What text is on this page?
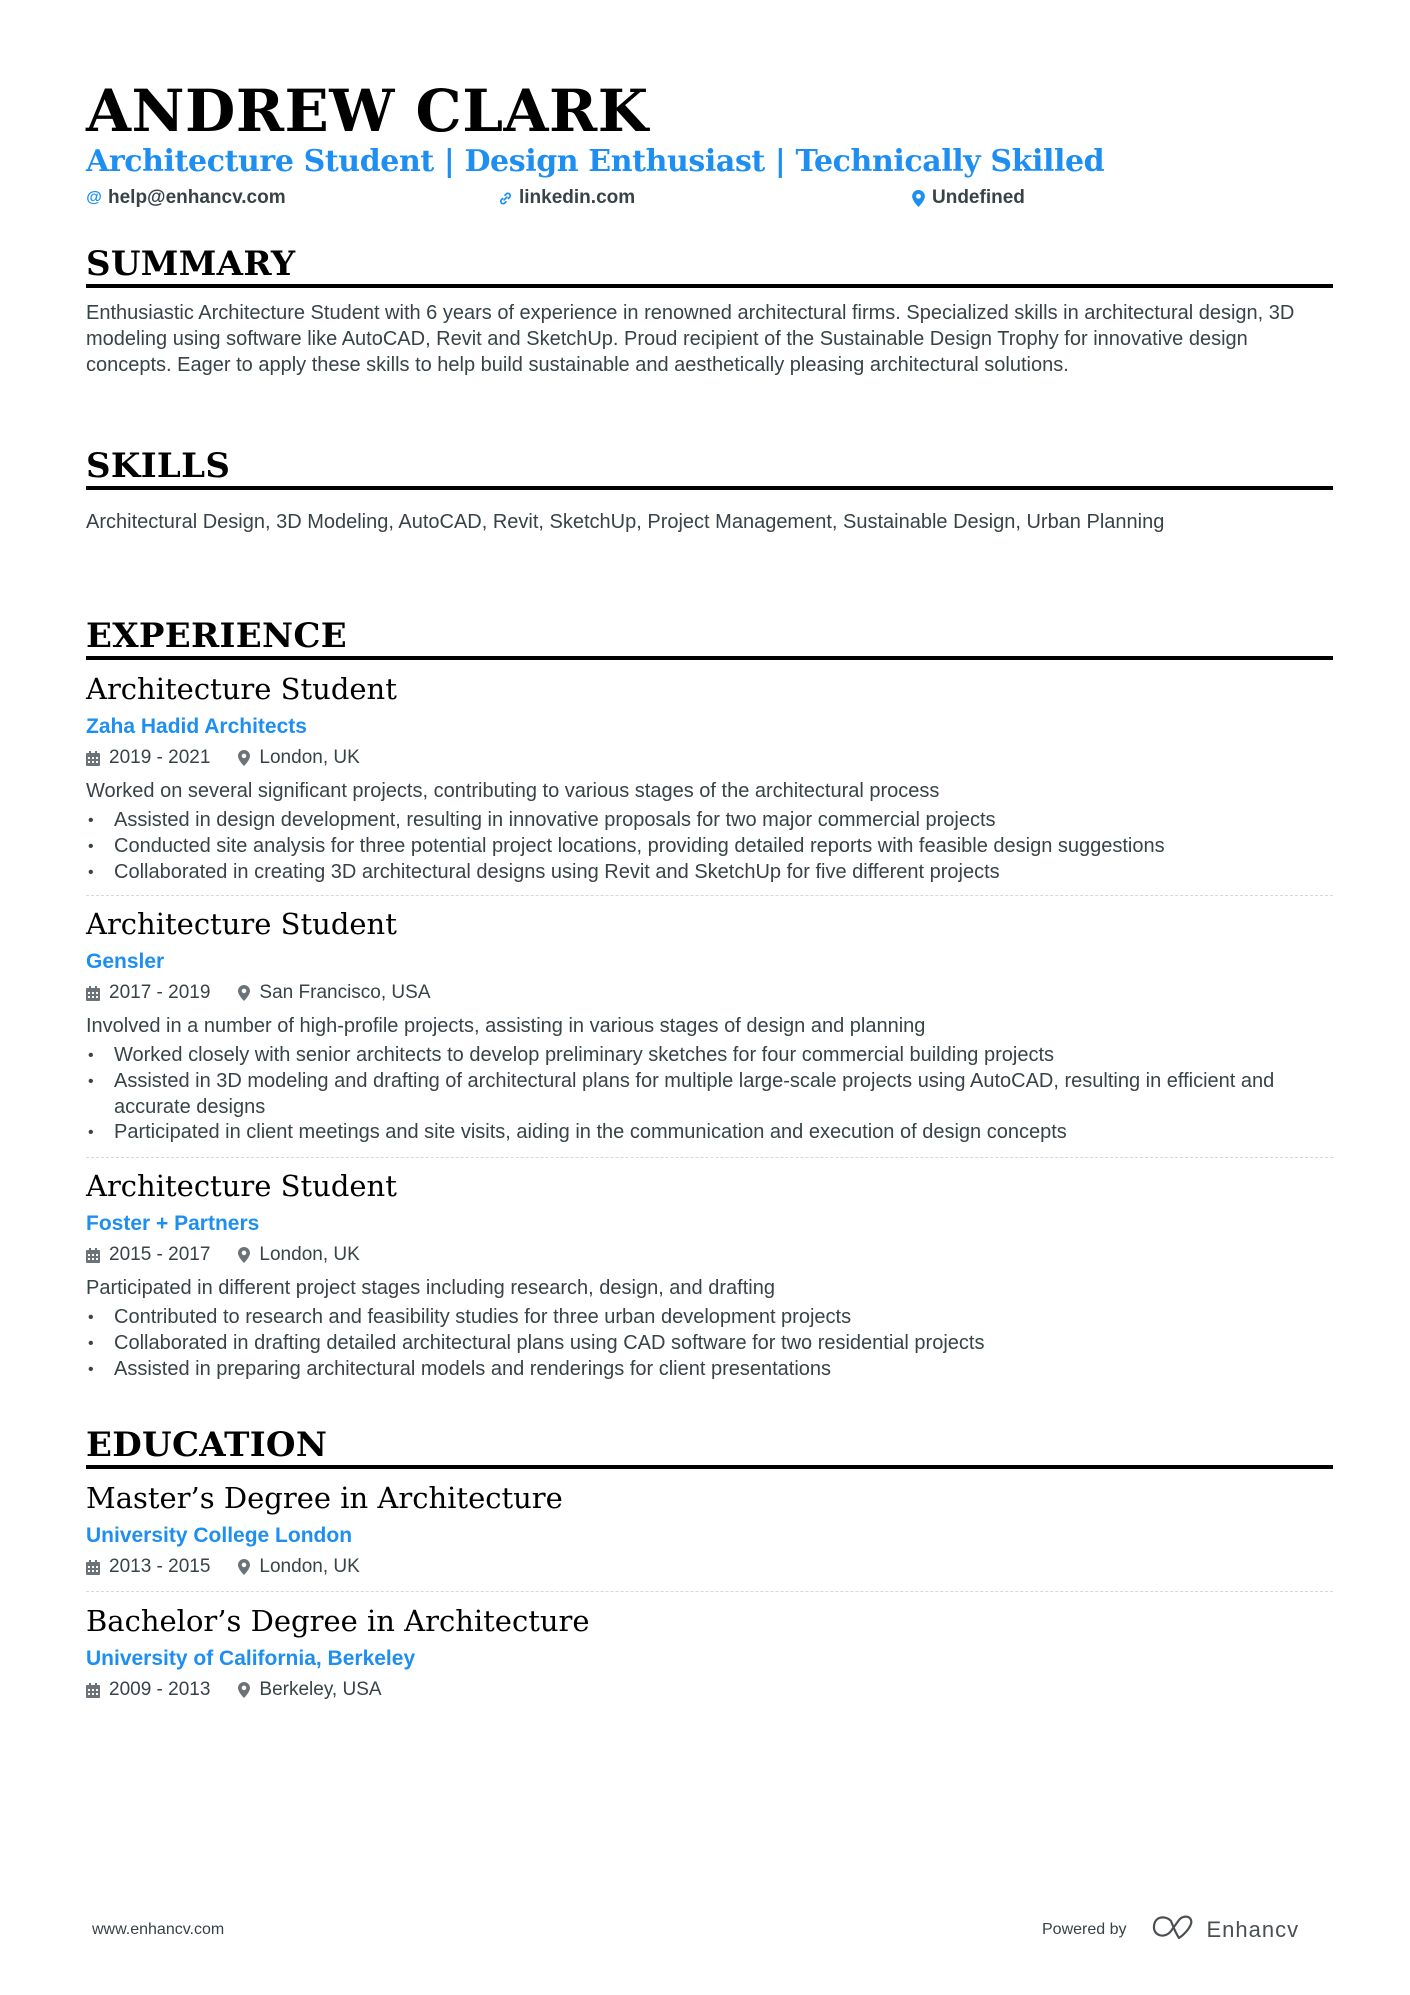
ANDREW CLARK
Architecture Student | Design Enthusiast | Technically Skilled
@ help@enhancv.com	linkedin.com	Undefined
SUMMARY
Enthusiastic Architecture Student with 6 years of experience in renowned architectural firms. Specialized skills in architectural design, 3D modeling using software like AutoCAD, Revit and SketchUp. Proud recipient of the Sustainable Design Trophy for innovative design concepts. Eager to apply these skills to help build sustainable and aesthetically pleasing architectural solutions.
SKILLS
Architectural Design, 3D Modeling, AutoCAD, Revit, SketchUp, Project Management, Sustainable Design, Urban Planning
EXPERIENCE
Architecture Student
Zaha Hadid Architects
2019 - 2021	London, UK
Worked on several significant projects, contributing to various stages of the architectural process
• Assisted in design development, resulting in innovative proposals for two major commercial projects
• Conducted site analysis for three potential project locations, providing detailed reports with feasible design suggestions
• Collaborated in creating 3D architectural designs using Revit and SketchUp for five different projects
Architecture Student
Gensler
2017 - 2019	San Francisco, USA
Involved in a number of high-profile projects, assisting in various stages of design and planning
• Worked closely with senior architects to develop preliminary sketches for four commercial building projects
• Assisted in 3D modeling and drafting of architectural plans for multiple large-scale projects using AutoCAD, resulting in efficient and accurate designs
• Participated in client meetings and site visits, aiding in the communication and execution of design concepts
Architecture Student
Foster + Partners
2015 - 2017	London, UK
Participated in different project stages including research, design, and drafting
• Contributed to research and feasibility studies for three urban development projects
• Collaborated in drafting detailed architectural plans using CAD software for two residential projects
• Assisted in preparing architectural models and renderings for client presentations
EDUCATION
Master’s Degree in Architecture
University College London
2013 - 2015	London, UK
Bachelor’s Degree in Architecture
University of California, Berkeley
2009 - 2013	Berkeley, USA
www.enhancv.com	Powered by	Enhancv
